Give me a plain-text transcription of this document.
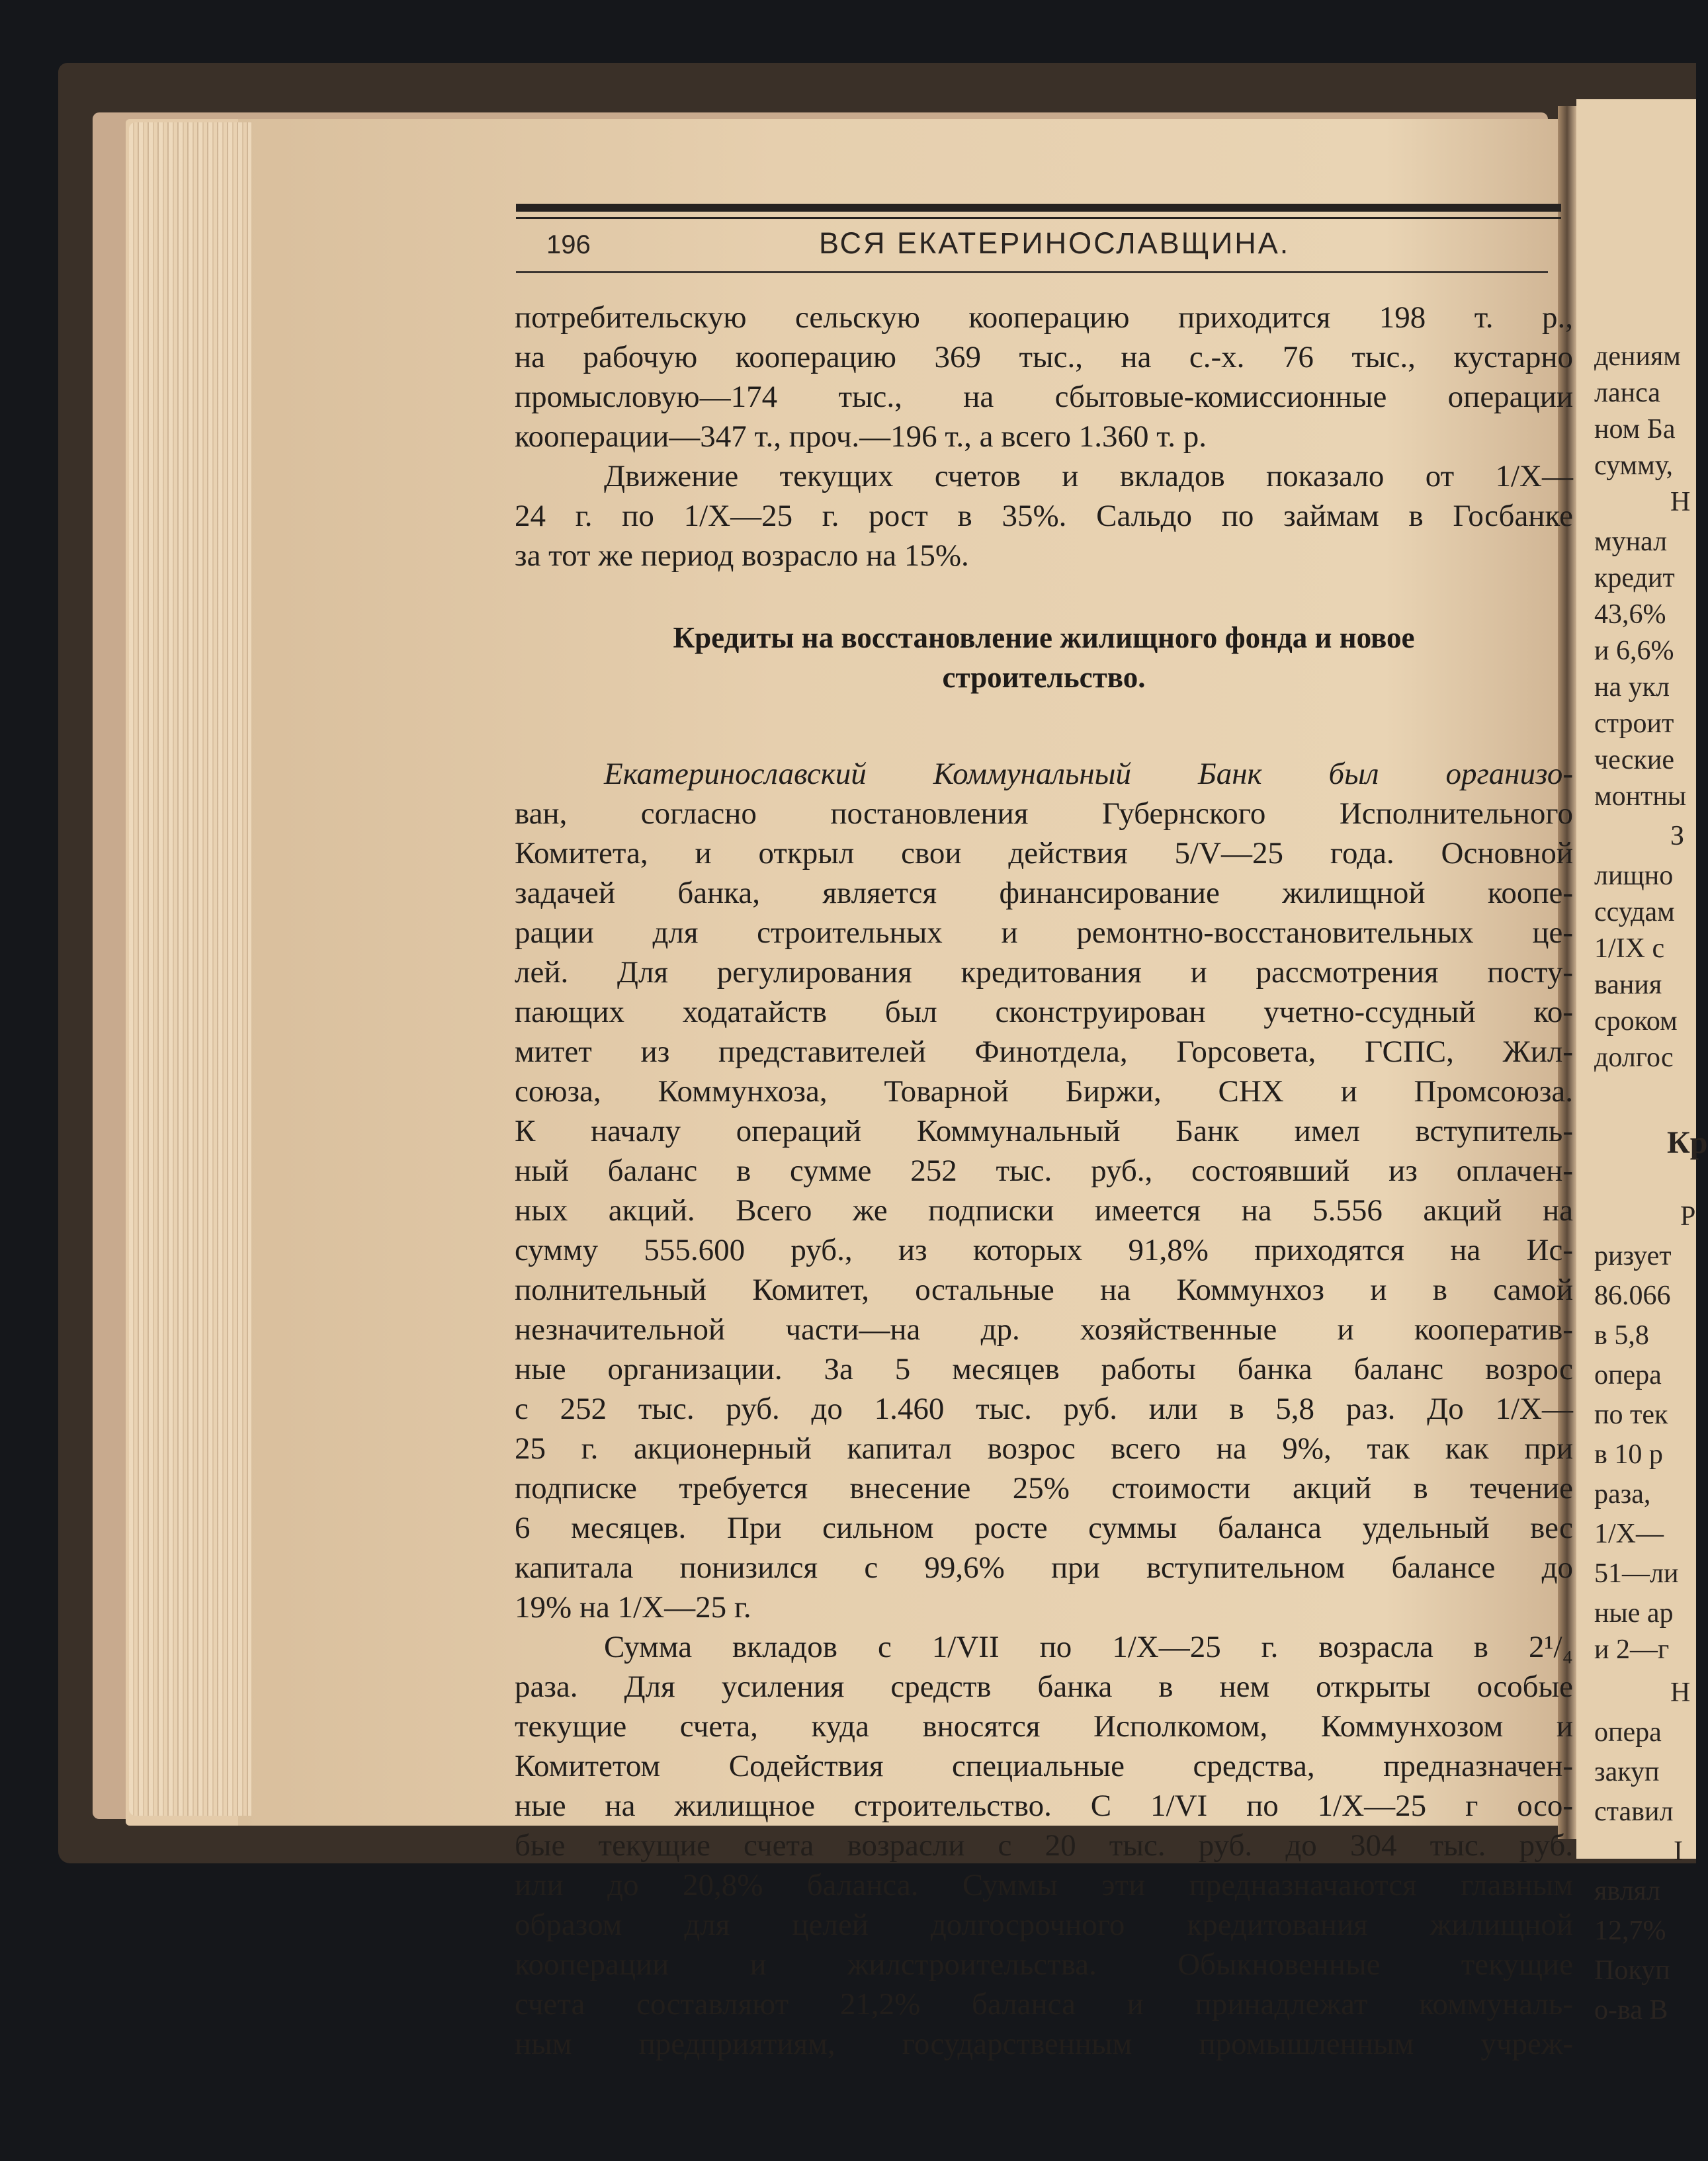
196	ВСЯ ЕКАТЕРИНОСЛАВЩИНА.
потребительскую сельскую кооперацию приходится 198 т. р.,
на рабочую кооперацию 369 тыс., на с.-х. 76 тыс., кустарно
промысловую—174 тыс., на сбытовые-комиссионные операции
кооперации—347 т., проч.—196 т., а всего 1.360 т. р.
Движение текущих счетов и вкладов показало от 1/X—
24 г. по 1/X—25 г. рост в 35%. Сальдо по займам в Госбанке
за тот же период возрасло на 15%.
Кредиты на восстановление жилищного фонда и новое
строительство.
Екатеринославский Коммунальный Банк был организо-
ван, согласно постановления Губернского Исполнительного
Комитета, и открыл свои действия 5/V—25 года. Основной
задачей банка, является финансирование жилищной коопе-
рации для строительных и ремонтно-восстановительных це-
лей. Для регулирования кредитования и рассмотрения посту-
пающих ходатайств был сконструирован учетно-ссудный ко-
митет из представителей Финотдела, Горсовета, ГСПС, Жил-
союза, Коммунхоза, Товарной Биржи, СНХ и Промсоюза.
К началу операций Коммунальный Банк имел вступитель-
ный баланс в сумме 252 тыс. руб., состоявший из оплачен-
ных акций. Всего же подписки имеется на 5.556 акций на
сумму 555.600 руб., из которых 91,8% приходятся на Ис-
полнительный Комитет, остальные на Коммунхоз и в самой
незначительной части—на др. хозяйственные и кооператив-
ные организации. За 5 месяцев работы банка баланс возрос
с 252 тыс. руб. до 1.460 тыс. руб. или в 5,8 раз. До 1/X—
25 г. акционерный капитал возрос всего на 9%, так как при
подписке требуется внесение 25% стоимости акций в течение
6 месяцев. При сильном росте суммы баланса удельный вес
капитала понизился с 99,6% при вступительном балансе до
19% на 1/X—25 г.
Сумма вкладов с 1/VII по 1/X—25 г. возрасла в 2¹/₄
раза. Для усиления средств банка в нем открыты особые
текущие счета, куда вносятся Исполкомом, Коммунхозом и
Комитетом Содействия специальные средства, предназначен-
ные на жилищное строительство. С 1/VI по 1/X—25 г осо-
бые текущие счета возрасли с 20 тыс. руб. до 304 тыс. руб.
или до 20,8% баланса. Суммы эти предназначаются главным
образом для целей долгосрочного кредитования жилищной
кооперации и жилстроительства. Обыкновенные текущие
счета составляют 21,2% баланса и принадлежат коммуналь-
ным предприятиям, государственным промышленным учреж-
дениям
ланса
ном Ба
сумму,
Н
мунал
кредит
43,6%
и 6,6%
на укл
строит
ческие
монтны
З
лищно
ссудам
1/IX с
вания
сроком
долгос
Кр
Р
ризует
86.066
в 5,8
опера
по тек
в 10 р
раза,
1/X—
51—ли
ные ар
и 2—г
Н
опера
закуп
ставил
I
являл
12,7%
Покуп
о-ва В
